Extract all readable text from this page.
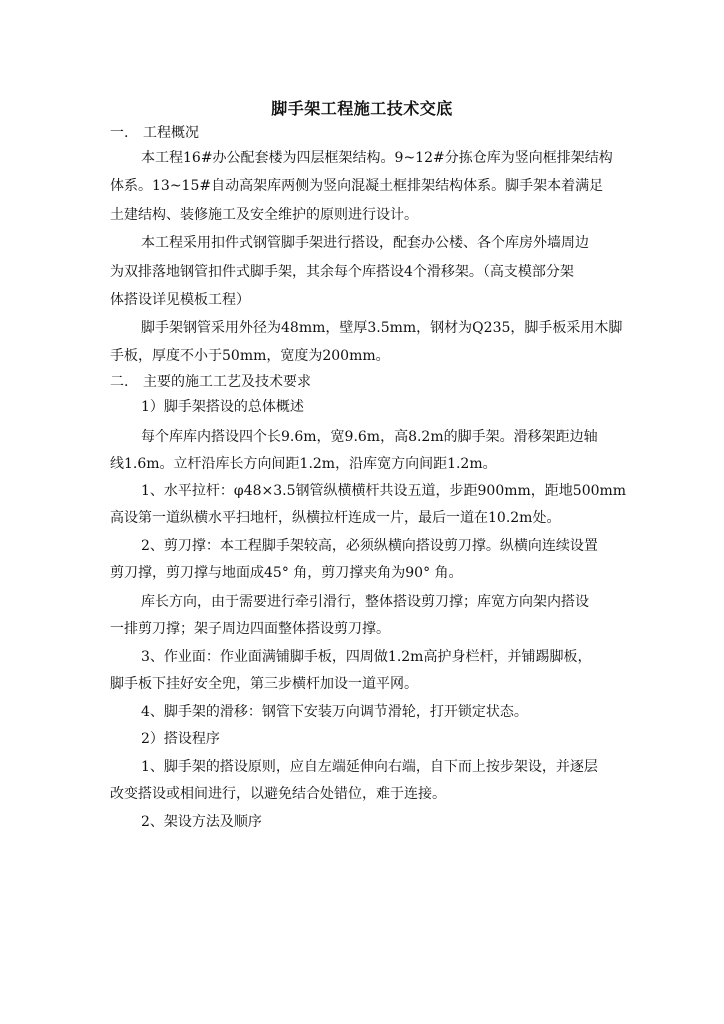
脚手架工程施工技术交底
一. 工程概况
本工程16#办公配套楼为四层框架结构。9~12#分拣仓库为竖向框排架结构
体系。13~15#自动高架库两侧为竖向混凝土框排架结构体系。脚手架本着满足
土建结构、装修施工及安全维护的原则进行设计。
本工程采用扣件式钢管脚手架进行搭设，配套办公楼、各个库房外墙周边
为双排落地钢管扣件式脚手架，其余每个库搭设4个滑移架。（高支模部分架
体搭设详见模板工程）
脚手架钢管采用外径为48mm，壁厚3.5mm，钢材为Q235，脚手板采用木脚
手板，厚度不小于50mm，宽度为200mm。
二. 主要的施工工艺及技术要求
1）脚手架搭设的总体概述
每个库库内搭设四个长9.6m，宽9.6m，高8.2m的脚手架。滑移架距边轴
线1.6m。立杆沿库长方向间距1.2m，沿库宽方向间距1.2m。
1、水平拉杆：φ48×3.5钢管纵横横杆共设五道，步距900mm，距地500mm
高设第一道纵横水平扫地杆，纵横拉杆连成一片，最后一道在10.2m处。
2、剪刀撑：本工程脚手架较高，必须纵横向搭设剪刀撑。纵横向连续设置
剪刀撑，剪刀撑与地面成45° 角，剪刀撑夹角为90° 角。
库长方向，由于需要进行牵引滑行，整体搭设剪刀撑；库宽方向架内搭设
一排剪刀撑；架子周边四面整体搭设剪刀撑。
3、作业面：作业面满铺脚手板，四周做1.2m高护身栏杆，并铺踢脚板，
脚手板下挂好安全兜，第三步横杆加设一道平网。
4、脚手架的滑移：钢管下安装万向调节滑轮，打开锁定状态。
2）搭设程序
1、脚手架的搭设原则，应自左端延伸向右端，自下而上按步架设，并逐层
改变搭设或相间进行，以避免结合处错位，难于连接。
2、架设方法及顺序
